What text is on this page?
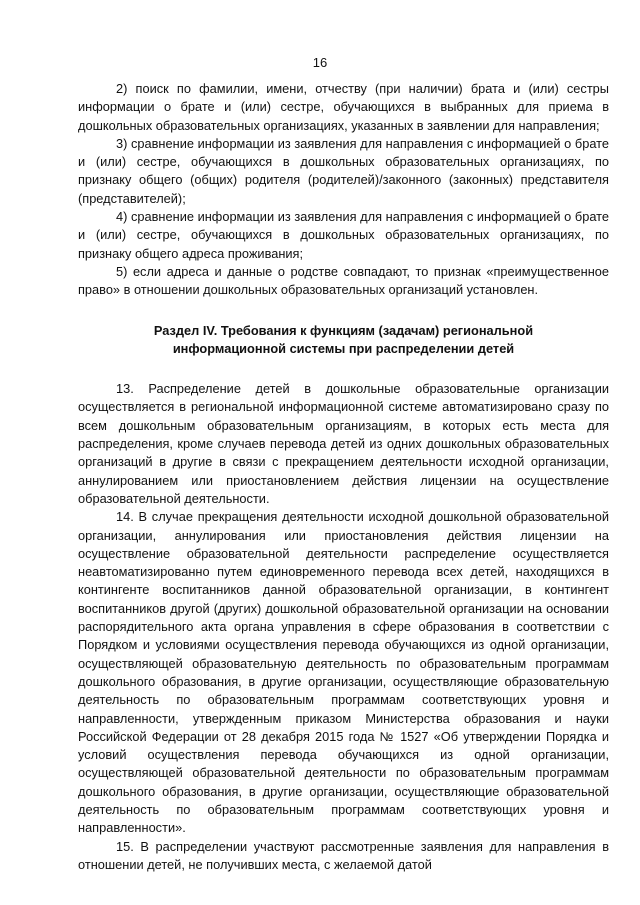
16

2) поиск по фамилии, имени, отчеству (при наличии) брата и (или) сестры информации о брате и (или) сестре, обучающихся в выбранных для приема в дошкольных образовательных организациях, указанных в заявлении для направления;

3) сравнение информации из заявления для направления с информацией о брате и (или) сестре, обучающихся в дошкольных образовательных организациях, по признаку общего (общих) родителя (родителей)/законного (законных) представителя (представителей);

4) сравнение информации из заявления для направления с информацией о брате и (или) сестре, обучающихся в дошкольных образовательных организациях, по признаку общего адреса проживания;

5) если адреса и данные о родстве совпадают, то признак «преимущественное право» в отношении дошкольных образовательных организаций установлен.

Раздел IV. Требования к функциям (задачам) региональной
информационной системы при распределении детей

13. Распределение детей в дошкольные образовательные организации осуществляется в региональной информационной системе автоматизировано сразу по всем дошкольным образовательным организациям, в которых есть места для распределения, кроме случаев перевода детей из одних дошкольных образовательных организаций в другие в связи с прекращением деятельности исходной организации, аннулированием или приостановлением действия лицензии на осуществление образовательной деятельности.

14. В случае прекращения деятельности исходной дошкольной образовательной организации, аннулирования или приостановления действия лицензии на осуществление образовательной деятельности распределение осуществляется неавтоматизированно путем единовременного перевода всех детей, находящихся в контингенте воспитанников данной образовательной организации, в контингент воспитанников другой (других) дошкольной образовательной организации на основании распорядительного акта органа управления в сфере образования в соответствии с Порядком и условиями осуществления перевода обучающихся из одной организации, осуществляющей образовательную деятельность по образовательным программам дошкольного образования, в другие организации, осуществляющие образовательную деятельность по образовательным программам соответствующих уровня и направленности, утвержденным приказом Министерства образования и науки Российской Федерации от 28 декабря 2015 года № 1527 «Об утверждении Порядка и условий осуществления перевода обучающихся из одной организации, осуществляющей образовательной деятельности по образовательным программам дошкольного образования, в другие организации, осуществляющие образовательной деятельность по образовательным программам соответствующих уровня и направленности».

15. В распределении участвуют рассмотренные заявления для направления в отношении детей, не получивших места, с желаемой датой
